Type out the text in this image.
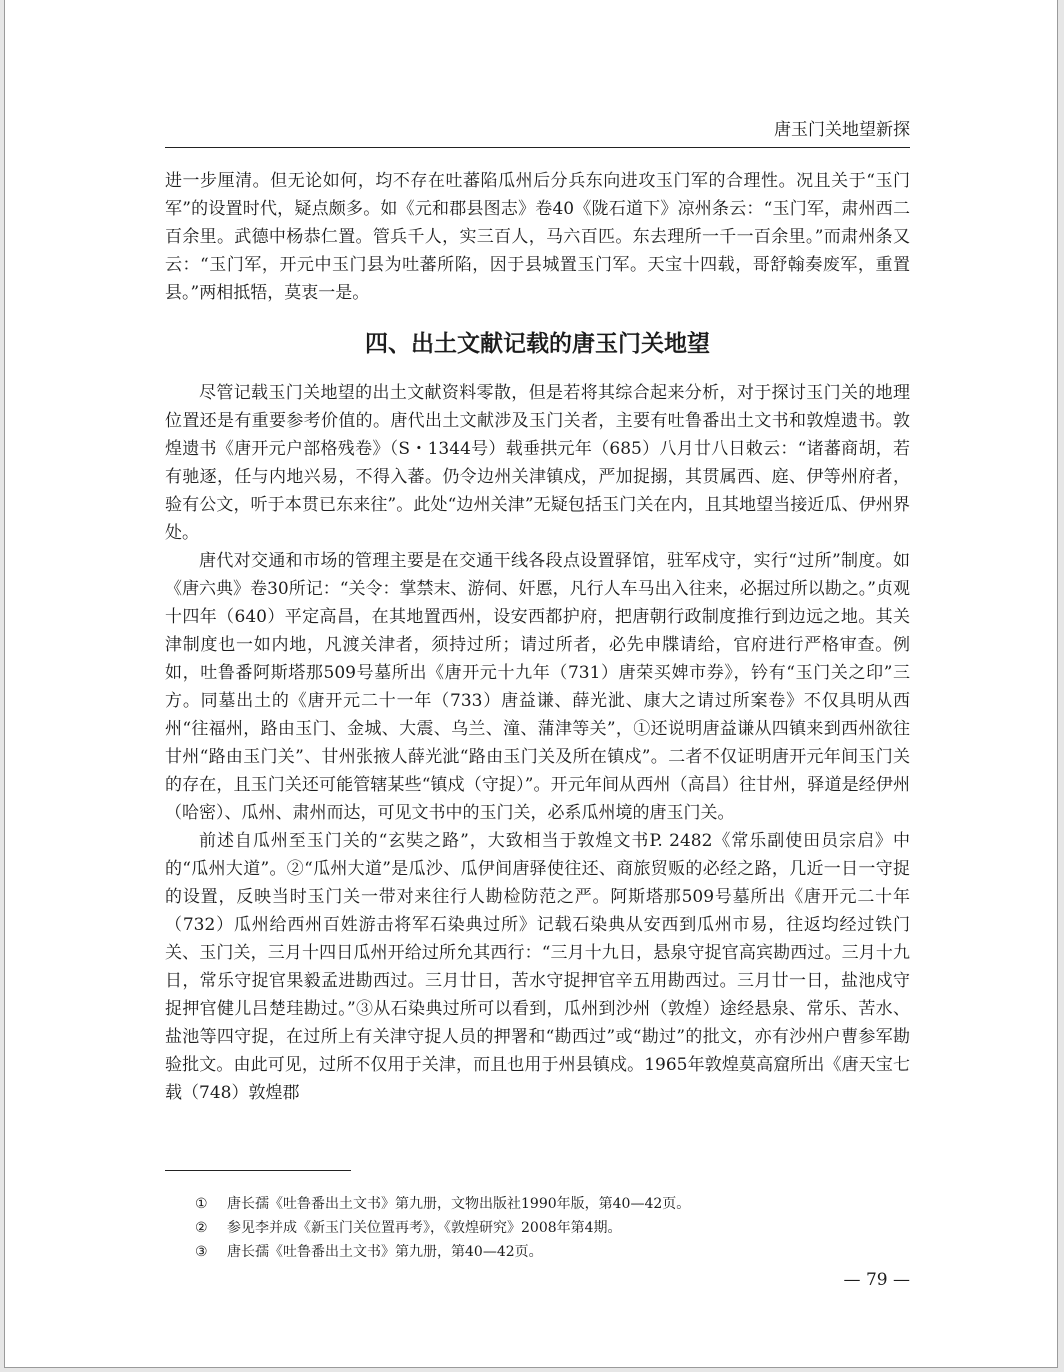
唐玉门关地望新探

进一步厘清。但无论如何，均不存在吐蕃陷瓜州后分兵东向进攻玉门军的合理性。况且关于“玉门军”的设置时代，疑点颇多。如《元和郡县图志》卷40《陇石道下》凉州条云：“玉门军，肃州西二百余里。武德中杨恭仁置。管兵千人，实三百人，马六百匹。东去理所一千一百余里。”而肃州条又云：“玉门军，开元中玉门县为吐蕃所陷，因于县城置玉门军。天宝十四载，哥舒翰奏废军，重置县。”两相抵牾，莫衷一是。

四、出土文献记载的唐玉门关地望

尽管记载玉门关地望的出土文献资料零散，但是若将其综合起来分析，对于探讨玉门关的地理位置还是有重要参考价值的。唐代出土文献涉及玉门关者，主要有吐鲁番出土文书和敦煌遗书。敦煌遗书《唐开元户部格残卷》（S・1344号）载垂拱元年（685）八月廿八日敕云：“诸蕃商胡，若有驰逐，任与内地兴易，不得入蕃。仍令边州关津镇戍，严加捉搦，其贯属西、庭、伊等州府者，验有公文，听于本贯已东来往”。此处“边州关津”无疑包括玉门关在内，且其地望当接近瓜、伊州界处。

唐代对交通和市场的管理主要是在交通干线各段点设置驿馆，驻军戍守，实行“过所”制度。如《唐六典》卷30所记：“关令：掌禁末、游伺、奸慝，凡行人车马出入往来，必据过所以勘之。”贞观十四年（640）平定高昌，在其地置西州，设安西都护府，把唐朝行政制度推行到边远之地。其关津制度也一如内地，凡渡关津者，须持过所；请过所者，必先申牒请给，官府进行严格审查。例如，吐鲁番阿斯塔那509号墓所出《唐开元十九年（731）唐荣买婢市券》，钤有“玉门关之印”三方。同墓出土的《唐开元二十一年（733）唐益谦、薛光泚、康大之请过所案卷》不仅具明从西州“往福州，路由玉门、金城、大震、乌兰、潼、蒲津等关”，①还说明唐益谦从四镇来到西州欲往甘州“路由玉门关”、甘州张掖人薛光泚“路由玉门关及所在镇戍”。二者不仅证明唐开元年间玉门关的存在，且玉门关还可能管辖某些“镇戍（守捉）”。开元年间从西州（高昌）往甘州，驿道是经伊州（哈密）、瓜州、肃州而达，可见文书中的玉门关，必系瓜州境的唐玉门关。

前述自瓜州至玉门关的“玄奘之路”，大致相当于敦煌文书P. 2482《常乐副使田员宗启》中的“瓜州大道”。②“瓜州大道”是瓜沙、瓜伊间唐驿使往还、商旅贸贩的必经之路，几近一日一守捉的设置，反映当时玉门关一带对来往行人勘检防范之严。阿斯塔那509号墓所出《唐开元二十年（732）瓜州给西州百姓游击将军石染典过所》记载石染典从安西到瓜州市易，往返均经过铁门关、玉门关，三月十四日瓜州开给过所允其西行：“三月十九日，悬泉守捉官高宾勘西过。三月十九日，常乐守捉官果毅孟进勘西过。三月廿日，苦水守捉押官辛五用勘西过。三月廿一日，盐池戍守捉押官健儿吕楚珪勘过。”③从石染典过所可以看到，瓜州到沙州（敦煌）途经悬泉、常乐、苦水、盐池等四守捉，在过所上有关津守捉人员的押署和“勘西过”或“勘过”的批文，亦有沙州户曹参军勘验批文。由此可见，过所不仅用于关津，而且也用于州县镇戍。1965年敦煌莫高窟所出《唐天宝七载（748）敦煌郡

① 唐长孺《吐鲁番出土文书》第九册，文物出版社1990年版，第40—42页。
② 参见李并成《新玉门关位置再考》，《敦煌研究》2008年第4期。
③ 唐长孺《吐鲁番出土文书》第九册，第40—42页。
— 79 —
